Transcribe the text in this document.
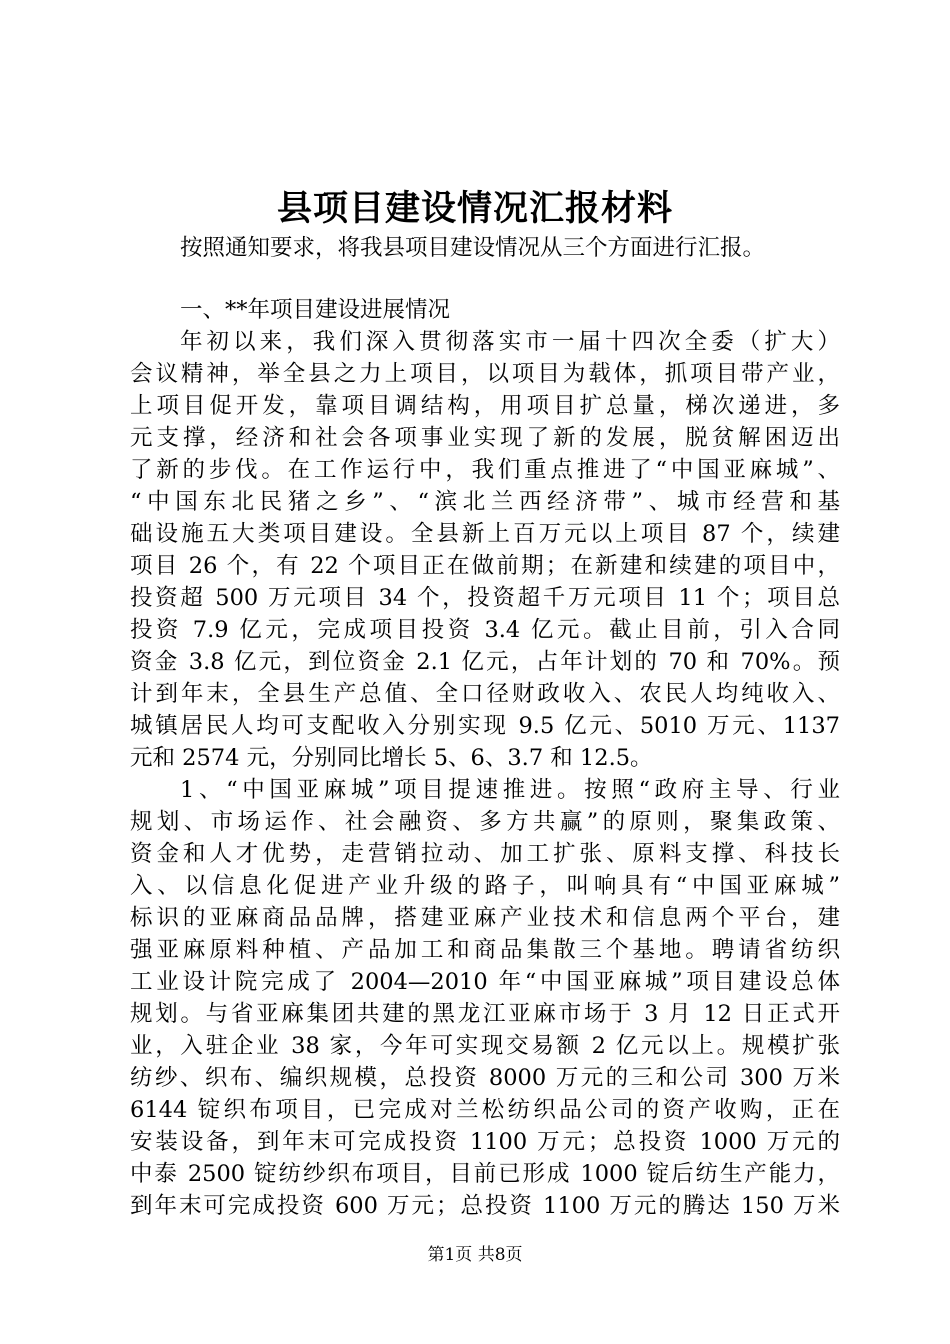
县项目建设情况汇报材料
按照通知要求，将我县项目建设情况从三个方面进行汇报。
一、**年项目建设进展情况
年初以来，我们深入贯彻落实市一届十四次全委（扩大）
会议精神，举全县之力上项目，以项目为载体，抓项目带产业，
上项目促开发，靠项目调结构，用项目扩总量，梯次递进，多
元支撑，经济和社会各项事业实现了新的发展，脱贫解困迈出
了新的步伐。在工作运行中，我们重点推进了“中国亚麻城”、
“中国东北民猪之乡”、“滨北兰西经济带”、城市经营和基
础设施五大类项目建设。全县新上百万元以上项目 87 个，续建
项目 26 个，有 22 个项目正在做前期；在新建和续建的项目中，
投资超 500 万元项目 34 个，投资超千万元项目 11 个；项目总
投资 7.9 亿元，完成项目投资 3.4 亿元。截止目前，引入合同
资金 3.8 亿元，到位资金 2.1 亿元，占年计划的 70 和 70%。预
计到年末，全县生产总值、全口径财政收入、农民人均纯收入、
城镇居民人均可支配收入分别实现 9.5 亿元、5010 万元、1137
元和 2574 元，分别同比增长 5、6、3.7 和 12.5。
1、“中国亚麻城”项目提速推进。按照“政府主导、行业
规划、市场运作、社会融资、多方共赢”的原则，聚集政策、
资金和人才优势，走营销拉动、加工扩张、原料支撑、科技长
入、以信息化促进产业升级的路子，叫响具有“中国亚麻城”
标识的亚麻商品品牌，搭建亚麻产业技术和信息两个平台，建
强亚麻原料种植、产品加工和商品集散三个基地。聘请省纺织
工业设计院完成了 2004—2010 年“中国亚麻城”项目建设总体
规划。与省亚麻集团共建的黑龙江亚麻市场于 3 月 12 日正式开
业，入驻企业 38 家，今年可实现交易额 2 亿元以上。规模扩张
纺纱、织布、编织规模，总投资 8000 万元的三和公司 300 万米
6144 锭织布项目，已完成对兰松纺织品公司的资产收购，正在
安装设备，到年末可完成投资 1100 万元；总投资 1000 万元的
中泰 2500 锭纺纱织布项目，目前已形成 1000 锭后纺生产能力，
到年末可完成投资 600 万元；总投资 1100 万元的腾达 150 万米
第1页 共8页
